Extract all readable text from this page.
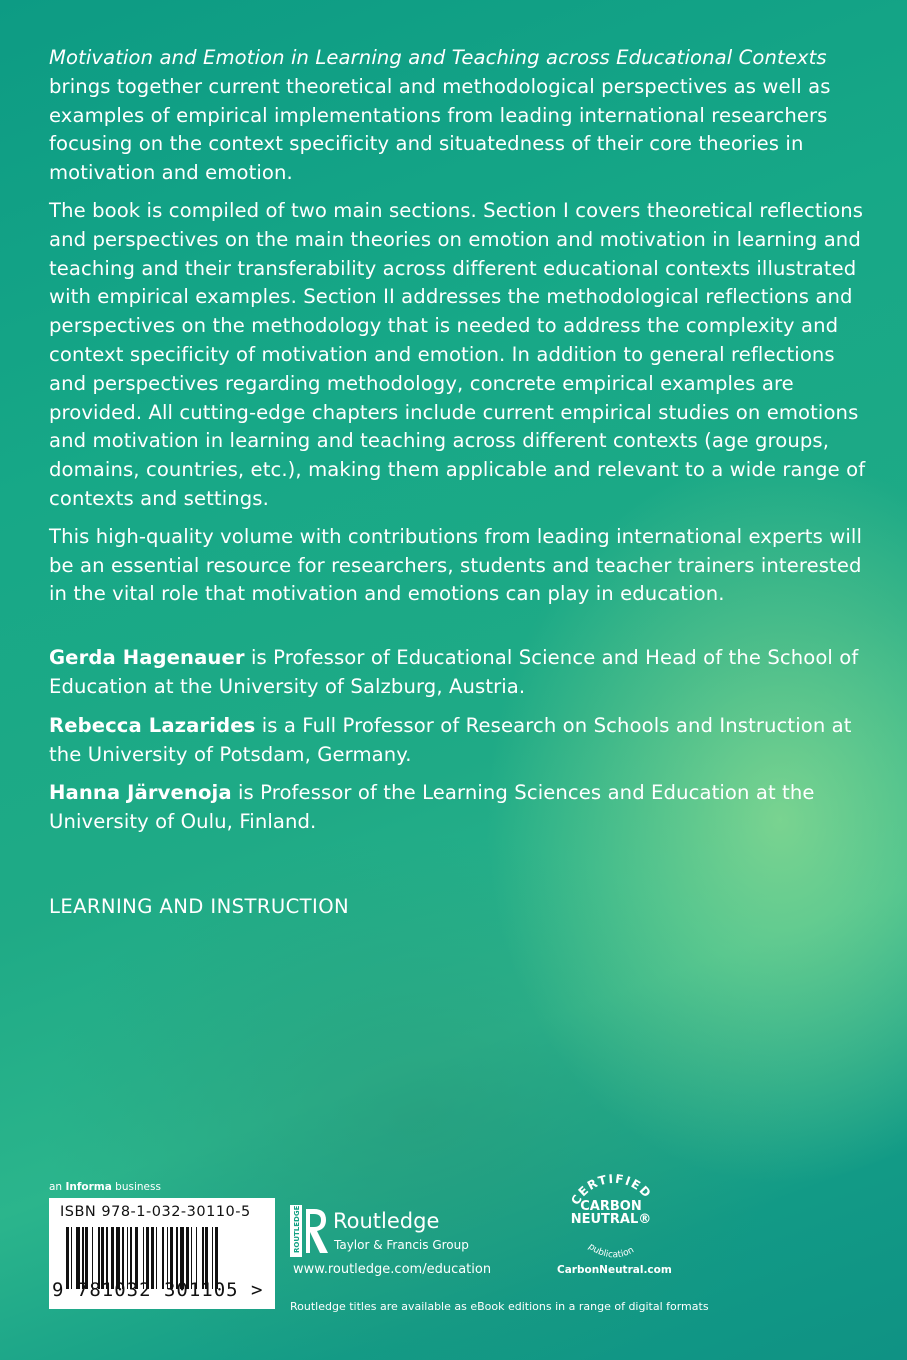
Motivation and Emotion in Learning and Teaching across Educational Contexts brings together current theoretical and methodological perspectives as well as examples of empirical implementations from leading international researchers focusing on the context specificity and situatedness of their core theories in motivation and emotion.

The book is compiled of two main sections. Section I covers theoretical reflections and perspectives on the main theories on emotion and motivation in learning and teaching and their transferability across different educational contexts illustrated with empirical examples. Section II addresses the methodological reflections and perspectives on the methodology that is needed to address the complexity and context specificity of motivation and emotion. In addition to general reflections and perspectives regarding methodology, concrete empirical examples are provided. All cutting-edge chapters include current empirical studies on emotions and motivation in learning and teaching across different contexts (age groups, domains, countries, etc.), making them applicable and relevant to a wide range of contexts and settings.

This high-quality volume with contributions from leading international experts will be an essential resource for researchers, students and teacher trainers interested in the vital role that motivation and emotions can play in education.

Gerda Hagenauer is Professor of Educational Science and Head of the School of Education at the University of Salzburg, Austria.
Rebecca Lazarides is a Full Professor of Research on Schools and Instruction at the University of Potsdam, Germany.
Hanna Järvenoja is Professor of the Learning Sciences and Education at the University of Oulu, Finland.
LEARNING AND INSTRUCTION
an Informa business
ISBN 978-1-032-30110-5
9 781032 301105 >
ROUTLEDGE Routledge
Taylor & Francis Group
www.routledge.com/education
CERTIFIED
CARBON
NEUTRAL®
publication
CarbonNeutral.com
Routledge titles are available as eBook editions in a range of digital formats
